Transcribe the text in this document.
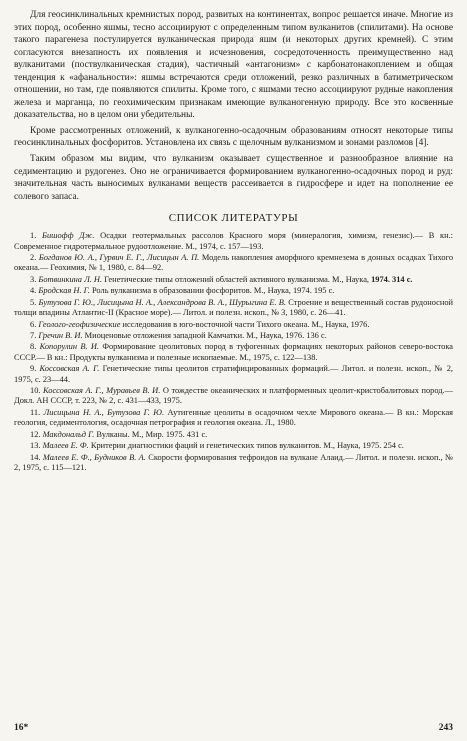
Для геосинклинальных кремнистых пород, развитых на континентах, вопрос решается иначе. Многие из этих пород, особенно яшмы, тесно ассоциируют с определенным типом вулканитов (спилитами). На основе такого парагенеза постулируется вулканическая природа яшм (и некоторых других кремней). С этим согласуются внезапность их появления и исчезновения, сосредоточенность преимущественно над вулканитами (поствулканическая стадия), частичный «антагонизм» с карбонатонакоплением и общая тенденция к «афанальности»: яшмы встречаются среди отложений, резко различных в батиметрическом отношении, но там, где появляются спилиты. Кроме того, с яшмами тесно ассоциируют рудные накопления железа и марганца, по геохимическим признакам имеющие вулканогенную природу. Все это косвенные доказательства, но в целом они убедительны.

Кроме рассмотренных отложений, к вулканогенно-осадочным образованиям относят некоторые типы геосинклинальных фосфоритов. Установлена их связь с щелочным вулканизмом и зонами разломов [4].

Таким образом мы видим, что вулканизм оказывает существенное и разнообразное влияние на седиментацию и рудогенез. Оно не ограничивается формированием вулканогенно-осадочных пород и руд: значительная часть выносимых вулканами веществ рассеивается в гидросфере и идет на пополнение ее солевого запаса.

СПИСОК ЛИТЕРАТУРЫ

1. Бишофф Дж. Осадки геотермальных рассолов Красного моря (минералогия, химизм, генезис).— В кн.: Современное гидротермальное рудоотложение. М., 1974, с. 157—193.

2. Богданов Ю. А., Гурвич Е. Г., Лисицын А. П. Модель накопления аморфного кремнезема в донных осадках Тихого океана.— Геохимия, № 1, 1980, с. 84—92.

3. Ботвинкина Л. Н. Генетические типы отложений областей активного вулканизма. М., Наука, 1974. 314 с.

4. Бродская Н. Г. Роль вулканизма в образовании фосфоритов. М., Наука, 1974. 195 с.

5. Бутузова Г. Ю., Лисицына Н. А., Александрова В. А., Шурыгина Е. В. Строение и вещественный состав рудоносной толщи впадины Атлантис-II (Красное море).— Литол. и полезн. ископ., № 3, 1980, с. 26—41.

6. Геолого-геофизические исследования в юго-восточной части Тихого океана. М., Наука, 1976.

7. Гречин В. И. Миоценовые отложения западной Камчатки. М., Наука, 1976. 136 с.

8. Копорулин В. И. Формирование цеолитовых пород в туфогенных формациях некоторых районов северо-востока СССР.— В кн.: Продукты вулканизма и полезные ископаемые. М., 1975, с. 122—138.

9. Коссовская А. Г. Генетические типы цеолитов стратифицированных формаций.— Литол. и полезн. ископ., № 2, 1975, с. 23—44.

10. Коссовская А. Г., Муравьев В. И. О тождестве океанических и платформенных цеолит-кристобалитовых пород.— Докл. АН СССР, т. 223, № 2, с. 431—433, 1975.

11. Лисицына Н. А., Бутузова Г. Ю. Аутигенные цеолиты в осадочном чехле Мирового океана.— В кн.: Морская геология, седиментология, осадочная петрография и геология океана. Л., 1980.

12. Макдональд Г. Вулканы. М., Мир. 1975. 431 с.

13. Малеев Е. Ф. Критерии диагностики фаций и генетических типов вулканитов. М., Наука, 1975. 254 с.

14. Малеев Е. Ф., Будников В. А. Скорости формирования тефроидов на вулкане Алаид.— Литол. и полезн. ископ., № 2, 1975, с. 115—121.

16*	243
